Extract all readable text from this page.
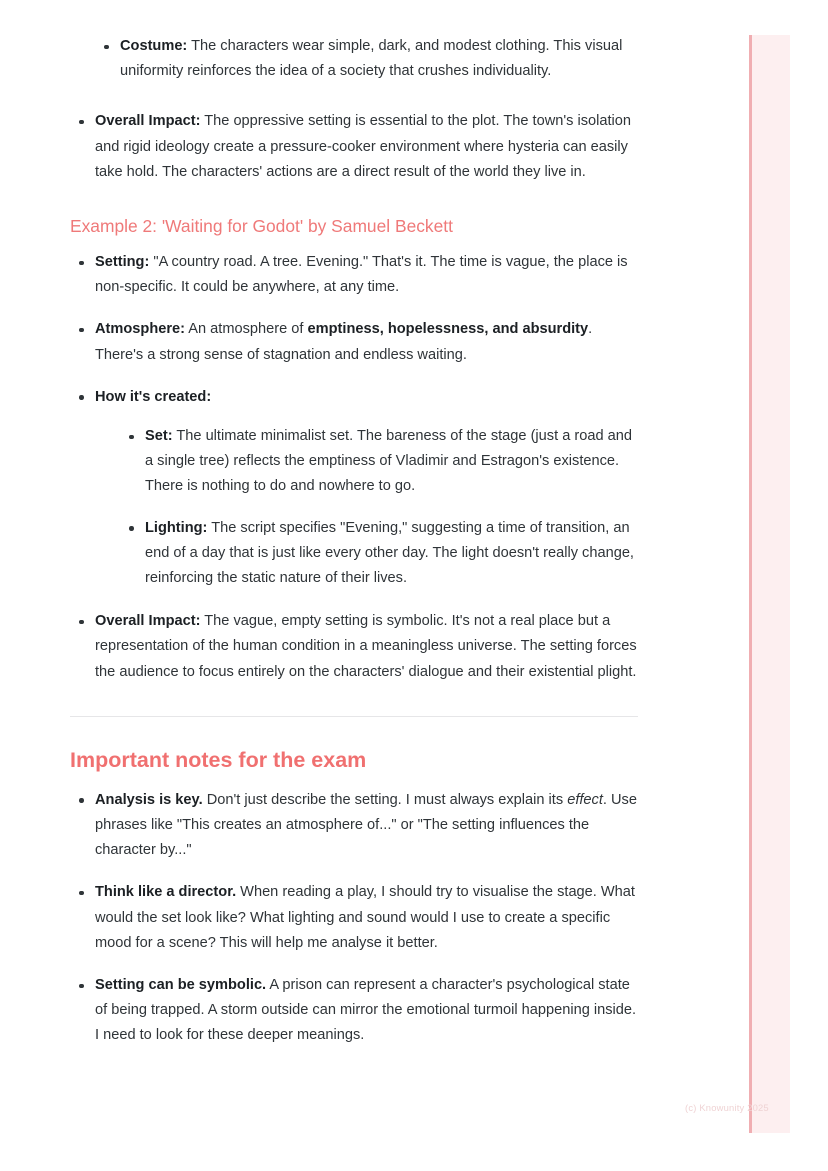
Costume: The characters wear simple, dark, and modest clothing. This visual uniformity reinforces the idea of a society that crushes individuality.
Overall Impact: The oppressive setting is essential to the plot. The town's isolation and rigid ideology create a pressure-cooker environment where hysteria can easily take hold. The characters' actions are a direct result of the world they live in.
Example 2: 'Waiting for Godot' by Samuel Beckett
Setting: "A country road. A tree. Evening." That's it. The time is vague, the place is non-specific. It could be anywhere, at any time.
Atmosphere: An atmosphere of emptiness, hopelessness, and absurdity. There's a strong sense of stagnation and endless waiting.
How it's created:
Set: The ultimate minimalist set. The bareness of the stage (just a road and a single tree) reflects the emptiness of Vladimir and Estragon's existence. There is nothing to do and nowhere to go.
Lighting: The script specifies "Evening," suggesting a time of transition, an end of a day that is just like every other day. The light doesn't really change, reinforcing the static nature of their lives.
Overall Impact: The vague, empty setting is symbolic. It's not a real place but a representation of the human condition in a meaningless universe. The setting forces the audience to focus entirely on the characters' dialogue and their existential plight.
Important notes for the exam
Analysis is key. Don't just describe the setting. I must always explain its effect. Use phrases like "This creates an atmosphere of..." or "The setting influences the character by..."
Think like a director. When reading a play, I should try to visualise the stage. What would the set look like? What lighting and sound would I use to create a specific mood for a scene? This will help me analyse it better.
Setting can be symbolic. A prison can represent a character's psychological state of being trapped. A storm outside can mirror the emotional turmoil happening inside. I need to look for these deeper meanings.
(c) Knowunity 2025
